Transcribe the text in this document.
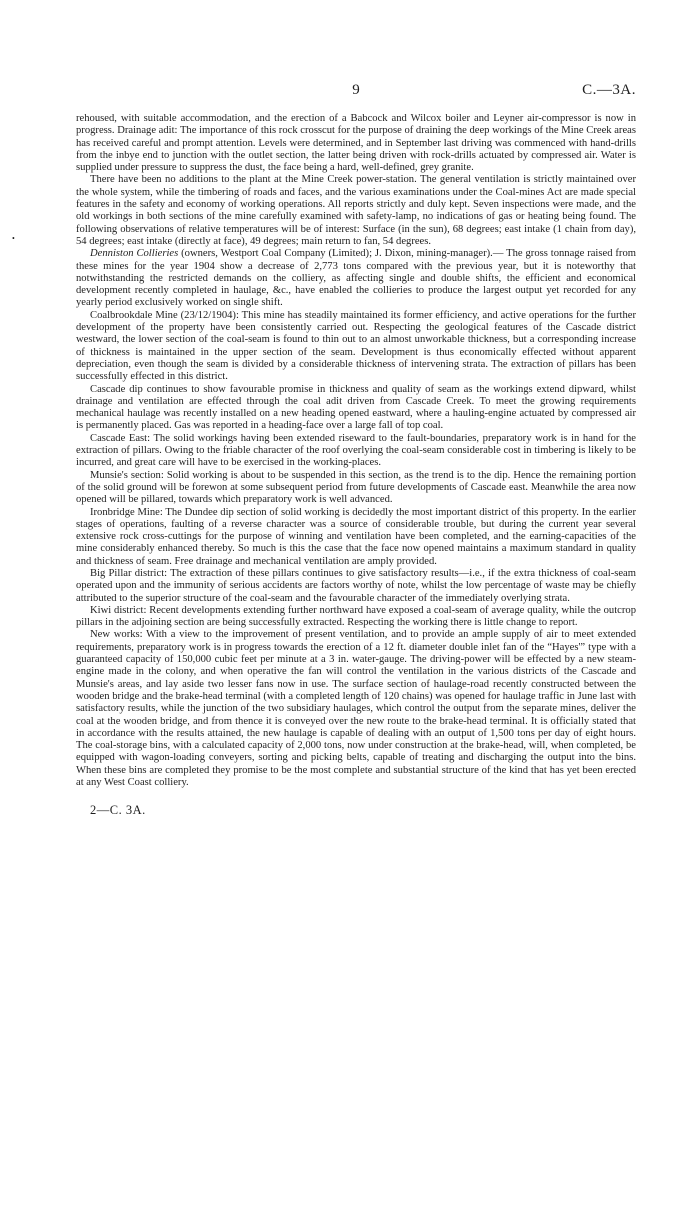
9	C.—3A.
•

rehoused, with suitable accommodation, and the erection of a Babcock and Wilcox boiler and Leyner air-compressor is now in progress. Drainage adit: The importance of this rock crosscut for the purpose of draining the deep workings of the Mine Creek areas has received careful and prompt attention. Levels were determined, and in September last driving was commenced with hand-drills from the inbye end to junction with the outlet section, the latter being driven with rock-drills actuated by compressed air. Water is supplied under pressure to suppress the dust, the face being a hard, well-defined, grey granite.

There have been no additions to the plant at the Mine Creek power-station. The general ventilation is strictly maintained over the whole system, while the timbering of roads and faces, and the various examinations under the Coal-mines Act are made special features in the safety and economy of working operations. All reports strictly and duly kept. Seven inspections were made, and the old workings in both sections of the mine carefully examined with safety-lamp, no indications of gas or heating being found. The following observations of relative temperatures will be of interest: Surface (in the sun), 68 degrees; east intake (1 chain from day), 54 degrees; east intake (directly at face), 49 degrees; main return to fan, 54 degrees.

Denniston Collieries (owners, Westport Coal Company (Limited); J. Dixon, mining-manager).— The gross tonnage raised from these mines for the year 1904 show a decrease of 2,773 tons compared with the previous year, but it is noteworthy that notwithstanding the restricted demands on the colliery, as affecting single and double shifts, the efficient and economical development recently completed in haulage, &c., have enabled the collieries to produce the largest output yet recorded for any yearly period exclusively worked on single shift.

Coalbrookdale Mine (23/12/1904): This mine has steadily maintained its former efficiency, and active operations for the further development of the property have been consistently carried out. Respecting the geological features of the Cascade district westward, the lower section of the coal-seam is found to thin out to an almost unworkable thickness, but a corresponding increase of thickness is maintained in the upper section of the seam. Development is thus economically effected without apparent depreciation, even though the seam is divided by a considerable thickness of intervening strata. The extraction of pillars has been successfully effected in this district.

Cascade dip continues to show favourable promise in thickness and quality of seam as the workings extend dipward, whilst drainage and ventilation are effected through the coal adit driven from Cascade Creek. To meet the growing requirements mechanical haulage was recently installed on a new heading opened eastward, where a hauling-engine actuated by compressed air is permanently placed. Gas was reported in a heading-face over a large fall of top coal.

Cascade East: The solid workings having been extended riseward to the fault-boundaries, preparatory work is in hand for the extraction of pillars. Owing to the friable character of the roof overlying the coal-seam considerable cost in timbering is likely to be incurred, and great care will have to be exercised in the working-places.

Munsie's section: Solid working is about to be suspended in this section, as the trend is to the dip. Hence the remaining portion of the solid ground will be forewon at some subsequent period from future developments of Cascade east. Meanwhile the area now opened will be pillared, towards which preparatory work is well advanced.

Ironbridge Mine: The Dundee dip section of solid working is decidedly the most important district of this property. In the earlier stages of operations, faulting of a reverse character was a source of considerable trouble, but during the current year several extensive rock cross-cuttings for the purpose of winning and ventilation have been completed, and the earning-capacities of the mine considerably enhanced thereby. So much is this the case that the face now opened maintains a maximum standard in quality and thickness of seam. Free drainage and mechanical ventilation are amply provided.

Big Pillar district: The extraction of these pillars continues to give satisfactory results—i.e., if the extra thickness of coal-seam operated upon and the immunity of serious accidents are factors worthy of note, whilst the low percentage of waste may be chiefly attributed to the superior structure of the coal-seam and the favourable character of the immediately overlying strata.

Kiwi district: Recent developments extending further northward have exposed a coal-seam of average quality, while the outcrop pillars in the adjoining section are being successfully extracted. Respecting the working there is little change to report.

New works: With a view to the improvement of present ventilation, and to provide an ample supply of air to meet extended requirements, preparatory work is in progress towards the erection of a 12 ft. diameter double inlet fan of the “Hayes'” type with a guaranteed capacity of 150,000 cubic feet per minute at a 3 in. water-gauge. The driving-power will be effected by a new steam-engine made in the colony, and when operative the fan will control the ventilation in the various districts of the Cascade and Munsie's areas, and lay aside two lesser fans now in use. The surface section of haulage-road recently constructed between the wooden bridge and the brake-head terminal (with a completed length of 120 chains) was opened for haulage traffic in June last with satisfactory results, while the junction of the two subsidiary haulages, which control the output from the separate mines, deliver the coal at the wooden bridge, and from thence it is conveyed over the new route to the brake-head terminal. It is officially stated that in accordance with the results attained, the new haulage is capable of dealing with an output of 1,500 tons per day of eight hours. The coal-storage bins, with a calculated capacity of 2,000 tons, now under construction at the brake-head, will, when completed, be equipped with wagon-loading conveyers, sorting and picking belts, capable of treating and discharging the output into the bins. When these bins are completed they promise to be the most complete and substantial structure of the kind that has yet been erected at any West Coast colliery.

2—C. 3A.
